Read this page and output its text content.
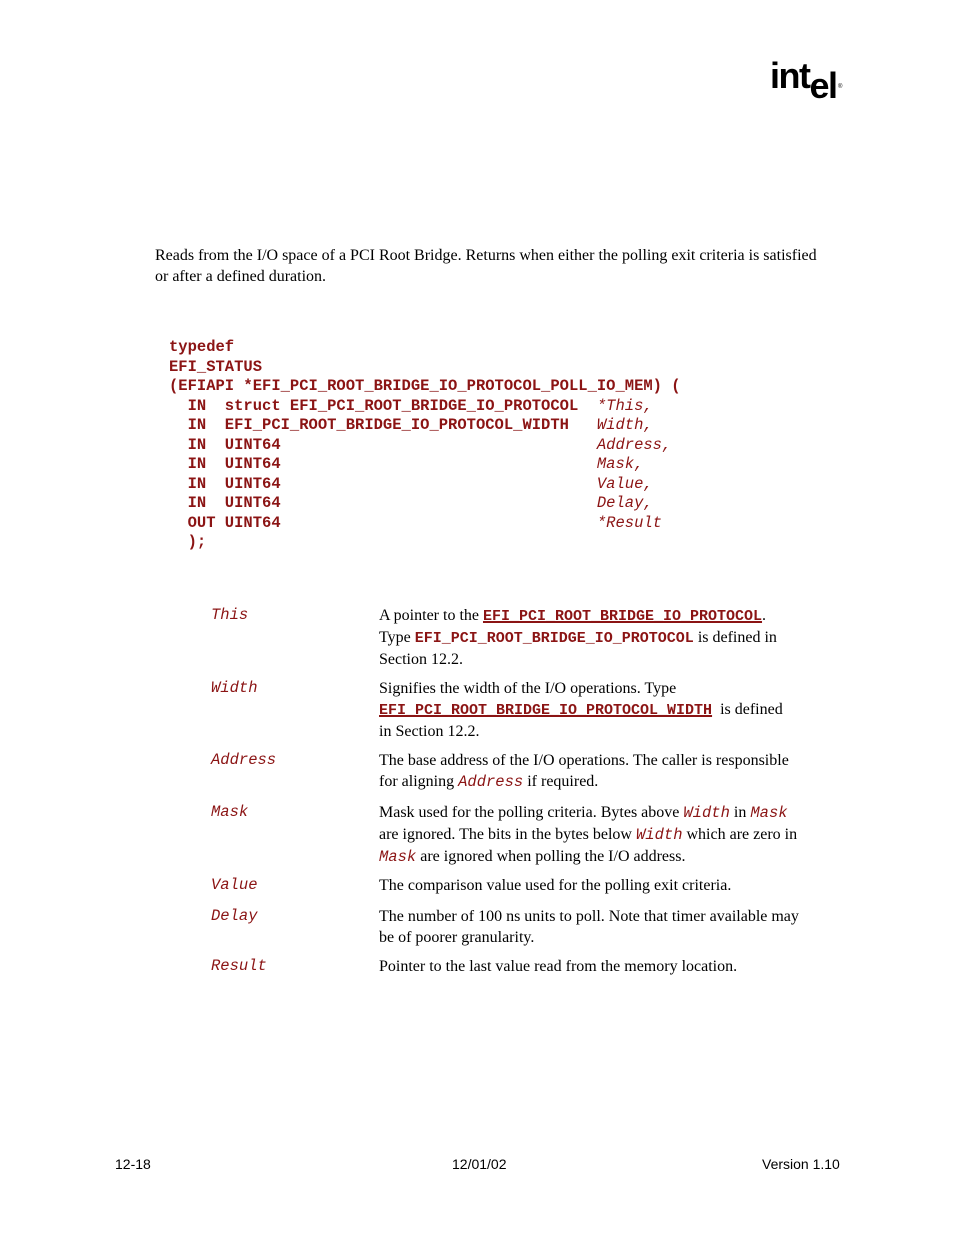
intel ®

Reads from the I/O space of a PCI Root Bridge. Returns when either the polling exit criteria is satisfied or after a defined duration.

typedef
EFI_STATUS
(EFIAPI *EFI_PCI_ROOT_BRIDGE_IO_PROTOCOL_POLL_IO_MEM) (
IN  struct EFI_PCI_ROOT_BRIDGE_IO_PROTOCOL  *This,
IN  EFI_PCI_ROOT_BRIDGE_IO_PROTOCOL_WIDTH   Width,
IN  UINT64                                  Address,
IN  UINT64                                  Mask,
IN  UINT64                                  Value,
IN  UINT64                                  Delay,
OUT UINT64                                  *Result
);
This	A pointer to the EFI_PCI_ROOT_BRIDGE_IO_PROTOCOL.
Type EFI_PCI_ROOT_BRIDGE_IO_PROTOCOL is defined in
Section 12.2.
Width	Signifies the width of the I/O operations. Type
EFI_PCI_ROOT_BRIDGE_IO_PROTOCOL_WIDTH  is defined
in Section 12.2.
Address	The base address of the I/O operations. The caller is responsible
for aligning Address if required.
Mask	Mask used for the polling criteria. Bytes above Width in Mask
are ignored. The bits in the bytes below Width which are zero in
Mask are ignored when polling the I/O address.
Value	The comparison value used for the polling exit criteria.
Delay	The number of 100 ns units to poll. Note that timer available may
be of poorer granularity.
Result	Pointer to the last value read from the memory location.
12-18	12/01/02	Version 1.10
